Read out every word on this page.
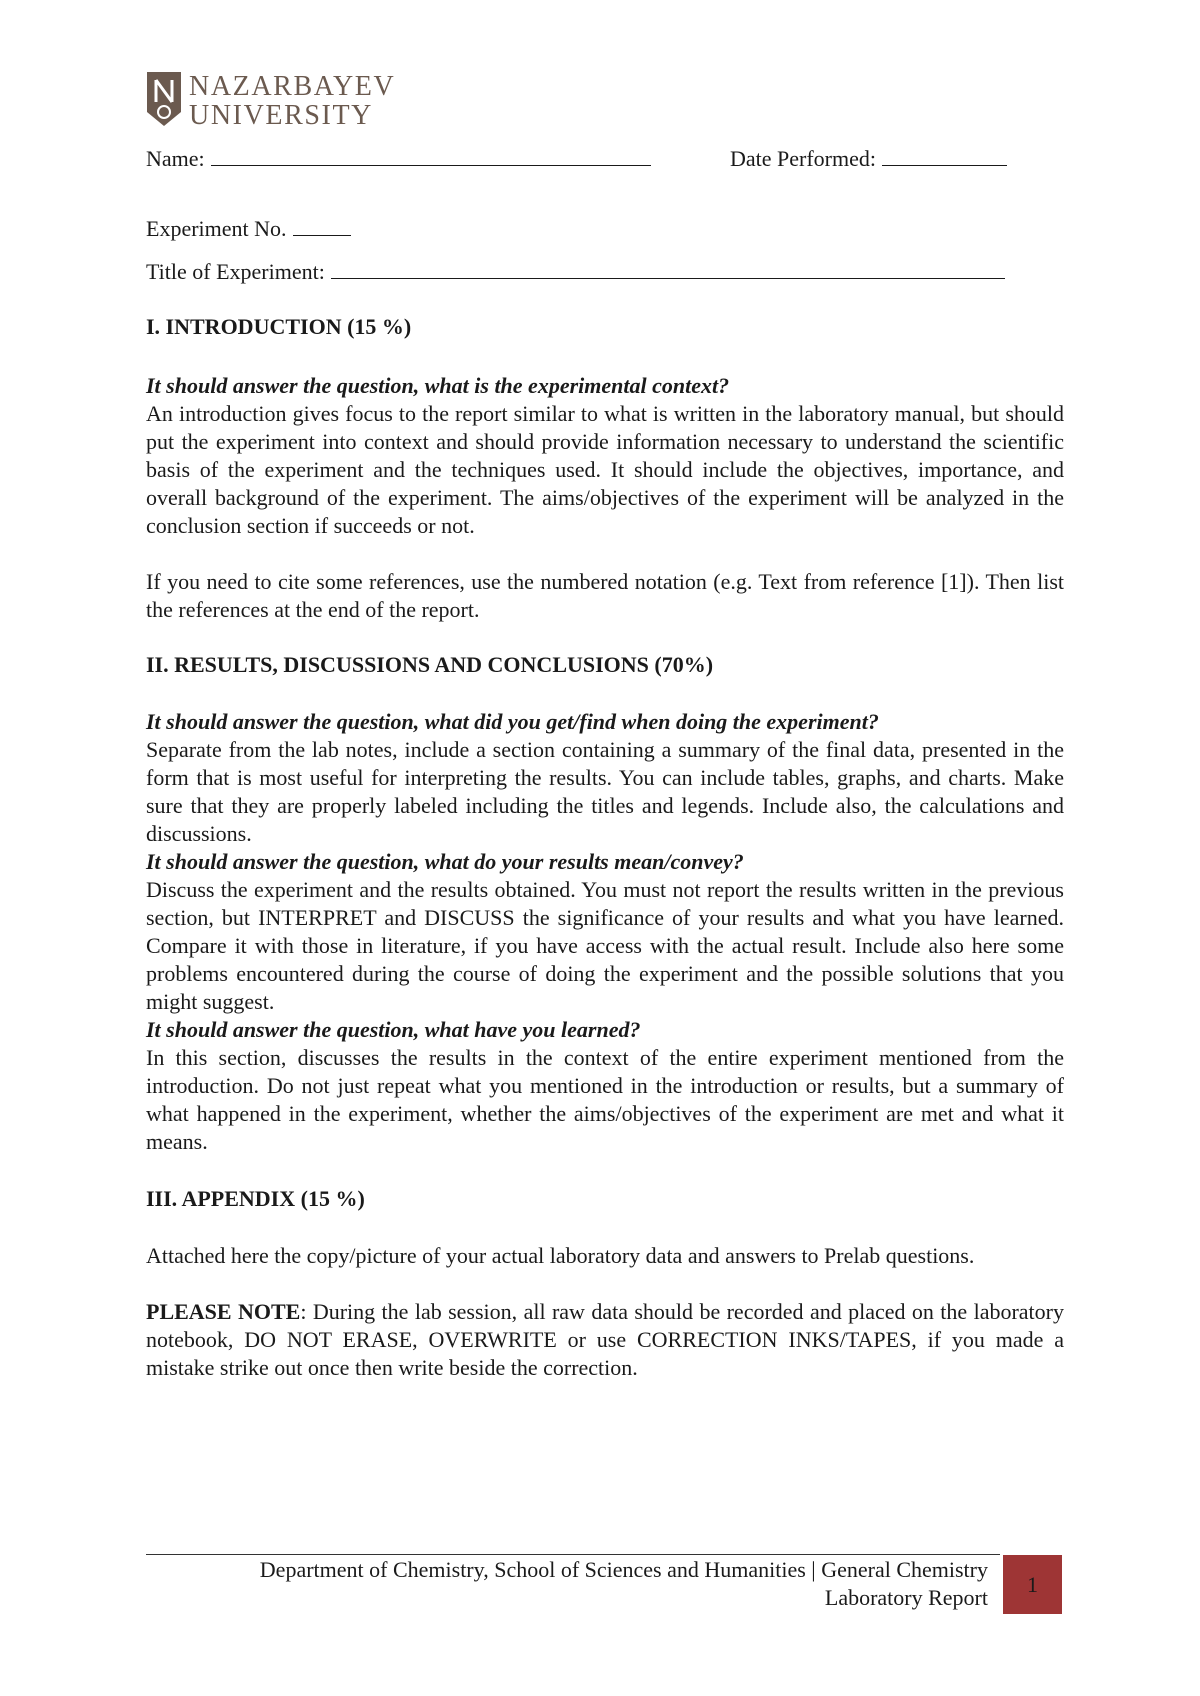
NAZARBAYEV
UNIVERSITY
Name:	Date Performed:
Experiment No.
Title of Experiment:
I. INTRODUCTION (15 %)
It should answer the question, what is the experimental context?
An introduction gives focus to the report similar to what is written in the laboratory manual, but should put the experiment into context and should provide information necessary to understand the scientific basis of the experiment and the techniques used. It should include the objectives, importance, and overall background of the experiment. The aims/objectives of the experiment will be analyzed in the conclusion section if succeeds or not.
If you need to cite some references, use the numbered notation (e.g. Text from reference [1]). Then list the references at the end of the report.
II. RESULTS, DISCUSSIONS AND CONCLUSIONS (70%)
It should answer the question, what did you get/find when doing the experiment?
Separate from the lab notes, include a section containing a summary of the final data, presented in the form that is most useful for interpreting the results. You can include tables, graphs, and charts. Make sure that they are properly labeled including the titles and legends. Include also, the calculations and discussions.
It should answer the question, what do your results mean/convey?
Discuss the experiment and the results obtained. You must not report the results written in the previous section, but INTERPRET and DISCUSS the significance of your results and what you have learned. Compare it with those in literature, if you have access with the actual result. Include also here some problems encountered during the course of doing the experiment and the possible solutions that you might suggest.
It should answer the question, what have you learned?
In this section, discusses the results in the context of the entire experiment mentioned from the introduction. Do not just repeat what you mentioned in the introduction or results, but a summary of what happened in the experiment, whether the aims/objectives of the experiment are met and what it means.
III. APPENDIX (15 %)
Attached here the copy/picture of your actual laboratory data and answers to Prelab questions.
PLEASE NOTE: During the lab session, all raw data should be recorded and placed on the laboratory notebook, DO NOT ERASE, OVERWRITE or use CORRECTION INKS/TAPES, if you made a mistake strike out once then write beside the correction.
Department of Chemistry, School of Sciences and Humanities | General Chemistry
Laboratory Report
1
